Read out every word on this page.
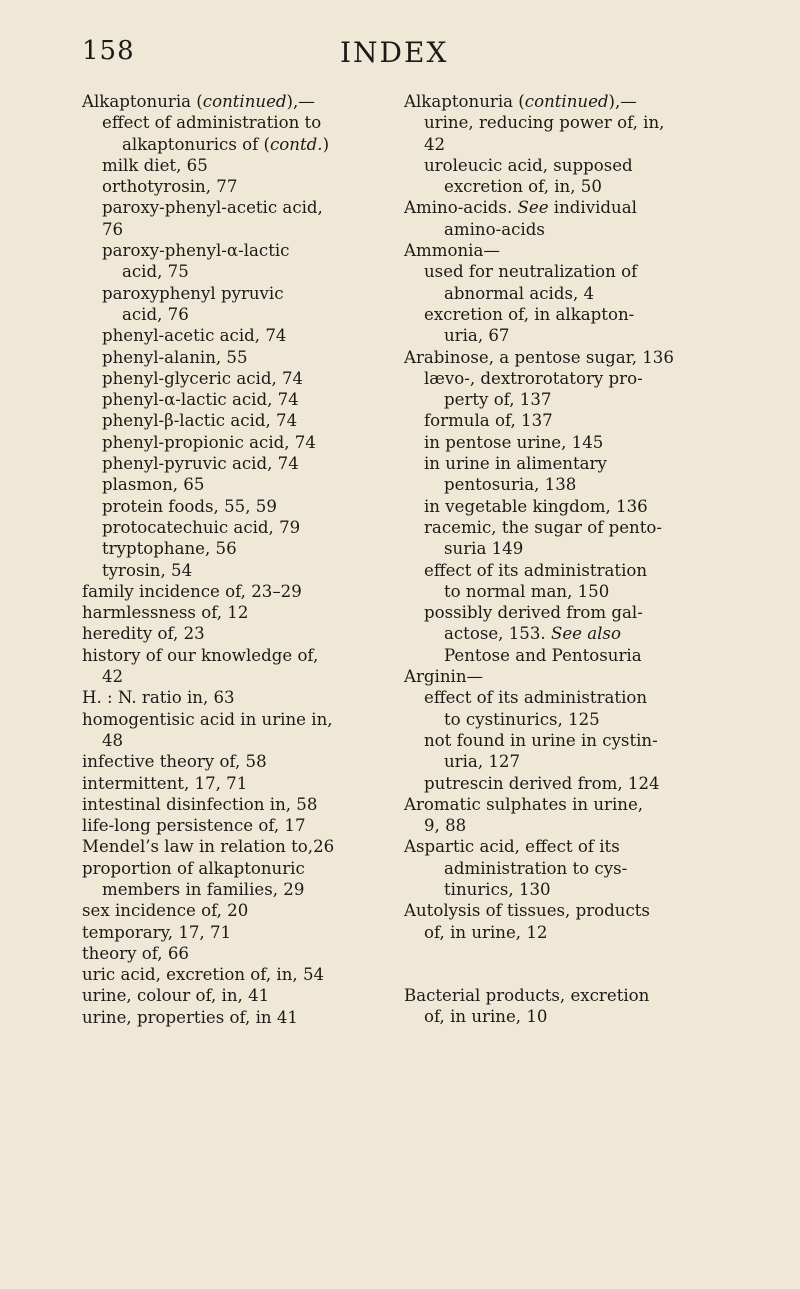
158	INDEX
Alkaptonuria (continued),—
effect of administration to
alkaptonurics of (contd.)
milk diet, 65
orthotyrosin, 77
paroxy-phenyl-acetic acid,
76
paroxy-phenyl-α-lactic
acid, 75
paroxyphenyl pyruvic
acid, 76
phenyl-acetic acid, 74
phenyl-alanin, 55
phenyl-glyceric acid, 74
phenyl-α-lactic acid, 74
phenyl-β-lactic acid, 74
phenyl-propionic acid, 74
phenyl-pyruvic acid, 74
plasmon, 65
protein foods, 55, 59
protocatechuic acid, 79
tryptophane, 56
tyrosin, 54
family incidence of, 23–29
harmlessness of, 12
heredity of, 23
history of our knowledge of,
42
H. : N. ratio in, 63
homogentisic acid in urine in,
48
infective theory of, 58
intermittent, 17, 71
intestinal disinfection in, 58
life-long persistence of, 17
Mendel’s law in relation to,26
proportion of alkaptonuric
members in families, 29
sex incidence of, 20
temporary, 17, 71
theory of, 66
uric acid, excretion of, in, 54
urine, colour of, in, 41
urine, properties of, in 41
Alkaptonuria (continued),—
urine, reducing power of, in,
42
uroleucic acid, supposed
excretion of, in, 50
Amino-acids. See individual
amino-acids
Ammonia—
used for neutralization of
abnormal acids, 4
excretion of, in alkapton-
uria, 67
Arabinose, a pentose sugar, 136
lævo-, dextrorotatory pro-
perty of, 137
formula of, 137
in pentose urine, 145
in urine in alimentary
pentosuria, 138
in vegetable kingdom, 136
racemic, the sugar of pento-
suria 149
effect of its administration
to normal man, 150
possibly derived from gal-
actose, 153. See also
Pentose and Pentosuria
Arginin—
effect of its administration
to cystinurics, 125
not found in urine in cystin-
uria, 127
putrescin derived from, 124
Aromatic sulphates in urine,
9, 88
Aspartic acid, effect of its
administration to cys-
tinurics, 130
Autolysis of tissues, products
of, in urine, 12
Bacterial products, excretion
of, in urine, 10
